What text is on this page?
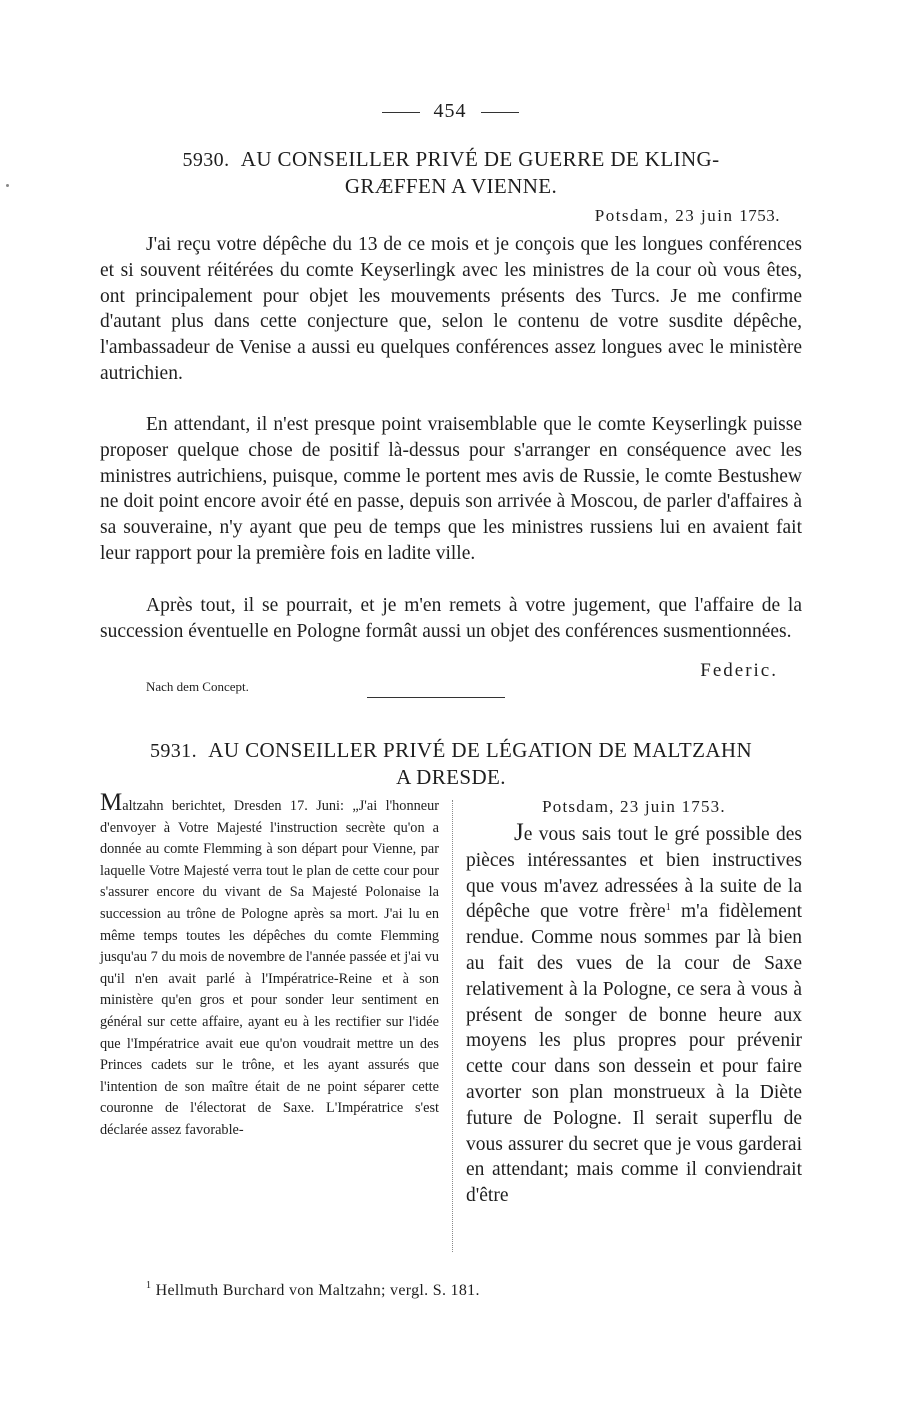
454
5930. AU CONSEILLER PRIVÉ DE GUERRE DE KLING-
GRÆFFEN A VIENNE.
Potsdam, 23 juin 1753.

J'ai reçu votre dépêche du 13 de ce mois et je conçois que les longues conférences et si souvent réitérées du comte Keyserlingk avec les ministres de la cour où vous êtes, ont principalement pour objet les mouvements présents des Turcs. Je me confirme d'autant plus dans cette conjecture que, selon le contenu de votre susdite dépêche, l'ambassadeur de Venise a aussi eu quelques conférences assez longues avec le ministère autrichien.

En attendant, il n'est presque point vraisemblable que le comte Keyserlingk puisse proposer quelque chose de positif là-dessus pour s'arranger en conséquence avec les ministres autrichiens, puisque, comme le portent mes avis de Russie, le comte Bestushew ne doit point encore avoir été en passe, depuis son arrivée à Moscou, de parler d'affaires à sa souveraine, n'y ayant que peu de temps que les ministres russiens lui en avaient fait leur rapport pour la première fois en ladite ville.

Après tout, il se pourrait, et je m'en remets à votre jugement, que l'affaire de la succession éventuelle en Pologne formât aussi un objet des conférences susmentionnées.

Federic.
Nach dem Concept.
5931. AU CONSEILLER PRIVÉ DE LÉGATION DE MALTZAHN
A DRESDE.

Maltzahn berichtet, Dresden 17. Juni: „J'ai l'honneur d'envoyer à Votre Majesté l'instruction secrète qu'on a donnée au comte Flemming à son départ pour Vienne, par laquelle Votre Majesté verra tout le plan de cette cour pour s'assurer encore du vivant de Sa Majesté Polonaise la succession au trône de Pologne après sa mort. J'ai lu en même temps toutes les dépêches du comte Flemming jusqu'au 7 du mois de novembre de l'année passée et j'ai vu qu'il n'en avait parlé à l'Impératrice-Reine et à son ministère qu'en gros et pour sonder leur sentiment en général sur cette affaire, ayant eu à les rectifier sur l'idée que l'Impératrice avait eue qu'on voudrait mettre un des Princes cadets sur le trône, et les ayant assurés que l'intention de son maître était de ne point séparer cette couronne de l'électorat de Saxe. L'Impératrice s'est déclarée assez favorable-

Potsdam, 23 juin 1753.

Je vous sais tout le gré possible des pièces intéressantes et bien instructives que vous m'avez adressées à la suite de la dépêche que votre frère$^1$ m'a fidèlement rendue. Comme nous sommes par là bien au fait des vues de la cour de Saxe relativement à la Pologne, ce sera à vous à présent de songer de bonne heure aux moyens les plus propres pour prévenir cette cour dans son dessein et pour faire avorter son plan monstrueux à la Diète future de Pologne. Il serait superflu de vous assurer du secret que je vous garderai en attendant; mais comme il conviendrait d'être

$^1$ Hellmuth Burchard von Maltzahn; vergl. S. 181.
